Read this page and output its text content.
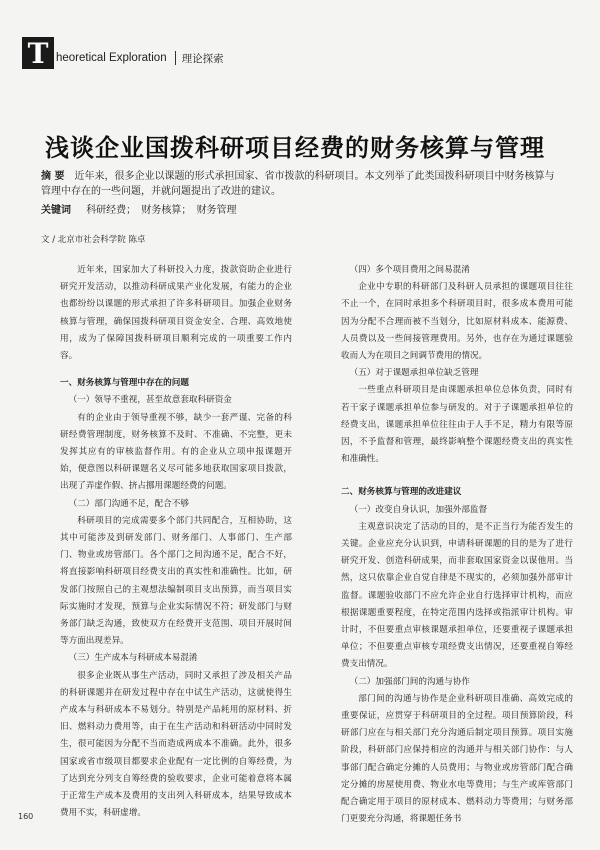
T heoretical Exploration 理论探索
浅谈企业国拨科研项目经费的财务核算与管理
摘 要 近年来，很多企业以课题的形式承担国家、省市拨款的科研项目。本文列举了此类国拨科研项目中财务核算与管理中存在的一些问题，并就问题提出了改进的建议。
关键词 科研经费； 财务核算； 财务管理
文 / 北京市社会科学院 陈卓

近年来，国家加大了科研投入力度，拨款资助企业进行研究开发活动，以推动科研成果产业化发展，有能力的企业也都纷纷以课题的形式承担了许多科研项目。加强企业财务核算与管理，确保国拨科研项目资金安全、合理、高效地使用，成为了保障国拨科研项目顺利完成的一项重要工作内容。

一、财务核算与管理中存在的问题

（一）领导不重视，甚至故意套取科研资金

有的企业由于领导重视不够，缺少一套严谨、完备的科研经费管理制度，财务核算不及时、不准确、不完整，更未发挥其应有的审核监督作用。有的企业从立项申报课题开始，便意图以科研课题名义尽可能多地获取国家项目拨款，出现了弄虚作假、挤占挪用课题经费的问题。

（二）部门沟通不足，配合不够

科研项目的完成需要多个部门共同配合，互相协助，这其中可能涉及到研发部门、财务部门、人事部门、生产部门、物业或房管部门。各个部门之间沟通不足，配合不好，将直接影响科研项目经费支出的真实性和准确性。比如，研发部门按照自己的主观想法编制项目支出预算，而当项目实际实施时才发现，预算与企业实际情况不符；研发部门与财务部门缺乏沟通，致使双方在经费开支范围、项目开展时间等方面出现差异。

（三）生产成本与科研成本易混淆

很多企业既从事生产活动，同时又承担了涉及相关产品的科研课题并在研发过程中存在中试生产活动，这就使得生产成本与科研成本不易划分。特别是产品耗用的原材料、折旧、燃料动力费用等，由于在生产活动和科研活动中同时发生，很可能因为分配不当而造成两成本不准确。此外，很多国家或省市级项目都要求企业配有一定比例的自筹经费，为了达到充分列支自筹经费的验收要求，企业可能着意将本属于正常生产成本及费用的支出列入科研成本，结果导致成本费用不实，科研虚增。

（四）多个项目费用之间易混淆

企业中专职的科研部门及科研人员承担的课题项目往往不止一个，在同时承担多个科研项目时，很多成本费用可能因为分配不合理而被不当划分，比如原材料成本、能源费、人员费以及一些间接管理费用。另外，也存在为通过课题验收而人为在项目之间调节费用的情况。

（五）对于课题承担单位缺乏管理

一些重点科研项目是由课题承担单位总体负责，同时有若干家子课题承担单位参与研发的。对于子课题承担单位的经费支出，课题承担单位往往由于人手不足，精力有限等原因，不予监督和管理，最终影响整个课题经费支出的真实性和准确性。

二、财务核算与管理的改进建议

（一）改变自身认识，加强外部监督

主观意识决定了活动的目的，是不正当行为能否发生的关键。企业应充分认识到，申请科研课题的目的是为了进行研究开发、创造科研成果，而非套取国家资金以谋他用。当然，这只依靠企业自觉自律是不现实的，必须加强外部审计监督。课题验收部门不应允许企业自行选择审计机构，而应根据课题重要程度，在特定范围内选择或指派审计机构。审计时，不但要重点审核课题承担单位，还要重视子课题承担单位；不但要重点审核专项经费支出情况，还要重视自筹经费支出情况。

（二）加强部门间的沟通与协作

部门间的沟通与协作是企业科研项目准确、高效完成的重要保证，应贯穿于科研项目的全过程。项目预算阶段，科研部门应在与相关部门充分沟通后制定项目预算。项目实施阶段，科研部门应保持相应的沟通并与相关部门协作：与人事部门配合确定分摊的人员费用；与物业或房管部门配合确定分摊的房屋使用费、物业水电等费用；与生产或库管部门配合确定用于项目的原材成本、燃料动力等费用；与财务部门更要充分沟通，将课题任务书

160
